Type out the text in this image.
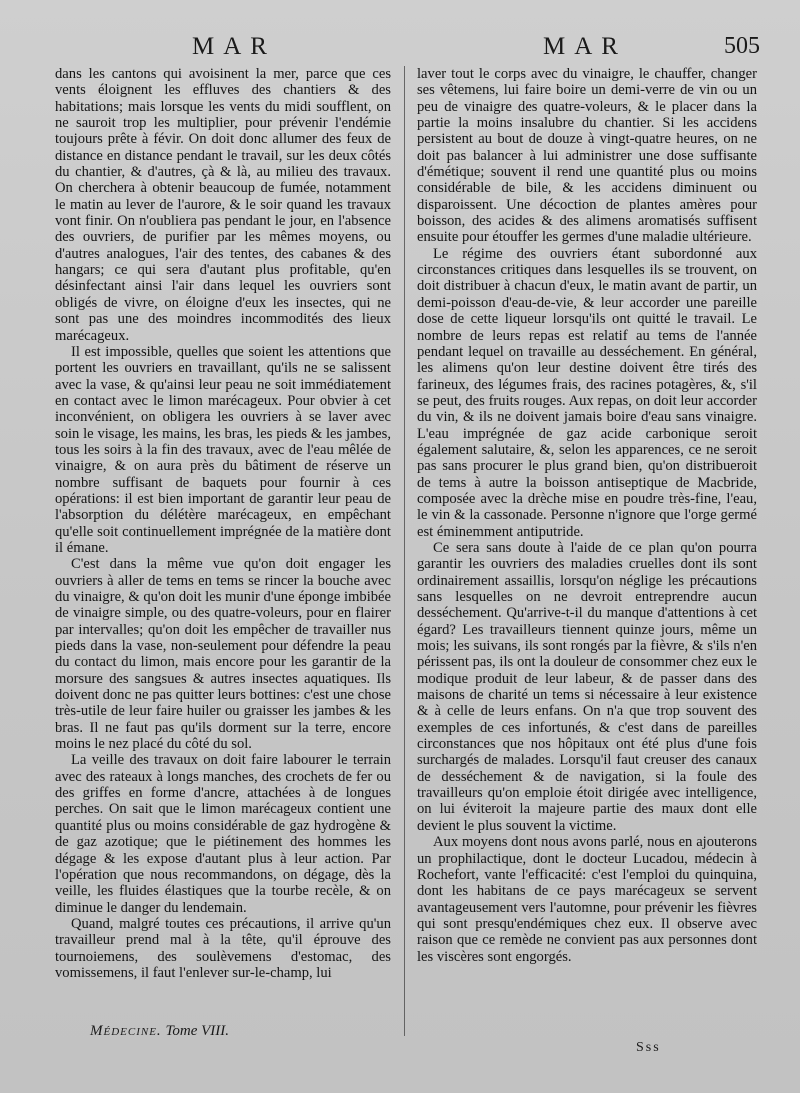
MAR	MAR	505

dans les cantons qui avoisinent la mer, parce que ces vents éloignent les effluves des chantiers & des habitations; mais lorsque les vents du midi soufflent, on ne sauroit trop les multiplier, pour prévenir l'endémie toujours prête à févir. On doit donc allumer des feux de distance en distance pendant le travail, sur les deux côtés du chantier, & d'autres, çà & là, au milieu des travaux. On cherchera à obtenir beaucoup de fumée, notamment le matin au lever de l'aurore, & le soir quand les travaux vont finir. On n'oubliera pas pendant le jour, en l'absence des ouvriers, de purifier par les mêmes moyens, ou d'autres analogues, l'air des tentes, des cabanes & des hangars; ce qui sera d'autant plus profitable, qu'en désinfectant ainsi l'air dans lequel les ouvriers sont obligés de vivre, on éloigne d'eux les insectes, qui ne sont pas une des moindres incommodités des lieux marécageux.

Il est impossible, quelles que soient les attentions que portent les ouvriers en travaillant, qu'ils ne se salissent avec la vase, & qu'ainsi leur peau ne soit immédiatement en contact avec le limon marécageux. Pour obvier à cet inconvénient, on obligera les ouvriers à se laver avec soin le visage, les mains, les bras, les pieds & les jambes, tous les soirs à la fin des travaux, avec de l'eau mêlée de vinaigre, & on aura près du bâtiment de réserve un nombre suffisant de baquets pour fournir à ces opérations: il est bien important de garantir leur peau de l'absorption du délétère marécageux, en empêchant qu'elle soit continuellement imprégnée de la matière dont il émane.

C'est dans la même vue qu'on doit engager les ouvriers à aller de tems en tems se rincer la bouche avec du vinaigre, & qu'on doit les munir d'une éponge imbibée de vinaigre simple, ou des quatre-voleurs, pour en flairer par intervalles; qu'on doit les empêcher de travailler nus pieds dans la vase, non-seulement pour défendre la peau du contact du limon, mais encore pour les garantir de la morsure des sangsues & autres insectes aquatiques. Ils doivent donc ne pas quitter leurs bottines: c'est une chose très-utile de leur faire huiler ou graisser les jambes & les bras. Il ne faut pas qu'ils dorment sur la terre, encore moins le nez placé du côté du sol.

La veille des travaux on doit faire labourer le terrain avec des rateaux à longs manches, des crochets de fer ou des griffes en forme d'ancre, attachées à de longues perches. On sait que le limon marécageux contient une quantité plus ou moins considérable de gaz hydrogène & de gaz azotique; que le piétinement des hommes les dégage & les expose d'autant plus à leur action. Par l'opération que nous recommandons, on dégage, dès la veille, les fluides élastiques que la tourbe recèle, & on diminue le danger du lendemain.

Quand, malgré toutes ces précautions, il arrive qu'un travailleur prend mal à la tête, qu'il éprouve des tournoiemens, des soulèvemens d'estomac, des vomissemens, il faut l'enlever sur-le-champ, lui

laver tout le corps avec du vinaigre, le chauffer, changer ses vêtemens, lui faire boire un demi-verre de vin ou un peu de vinaigre des quatre-voleurs, & le placer dans la partie la moins insalubre du chantier. Si les accidens persistent au bout de douze à vingt-quatre heures, on ne doit pas balancer à lui administrer une dose suffisante d'émétique; souvent il rend une quantité plus ou moins considérable de bile, & les accidens diminuent ou disparoissent. Une décoction de plantes amères pour boisson, des acides & des alimens aromatisés suffisent ensuite pour étouffer les germes d'une maladie ultérieure.

Le régime des ouvriers étant subordonné aux circonstances critiques dans lesquelles ils se trouvent, on doit distribuer à chacun d'eux, le matin avant de partir, un demi-poisson d'eau-de-vie, & leur accorder une pareille dose de cette liqueur lorsqu'ils ont quitté le travail. Le nombre de leurs repas est relatif au tems de l'année pendant lequel on travaille au desséchement. En général, les alimens qu'on leur destine doivent être tirés des farineux, des légumes frais, des racines potagères, &, s'il se peut, des fruits rouges. Aux repas, on doit leur accorder du vin, & ils ne doivent jamais boire d'eau sans vinaigre. L'eau imprégnée de gaz acide carbonique seroit également salutaire, &, selon les apparences, ce ne seroit pas sans procurer le plus grand bien, qu'on distribueroit de tems à autre la boisson antiseptique de Macbride, composée avec la drèche mise en poudre très-fine, l'eau, le vin & la cassonade. Personne n'ignore que l'orge germé est éminemment antiputride.

Ce sera sans doute à l'aide de ce plan qu'on pourra garantir les ouvriers des maladies cruelles dont ils sont ordinairement assaillis, lorsqu'on néglige les précautions sans lesquelles on ne devroit entreprendre aucun desséchement. Qu'arrive-t-il du manque d'attentions à cet égard? Les travailleurs tiennent quinze jours, même un mois; les suivans, ils sont rongés par la fièvre, & s'ils n'en périssent pas, ils ont la douleur de consommer chez eux le modique produit de leur labeur, & de passer dans des maisons de charité un tems si nécessaire à leur existence & à celle de leurs enfans. On n'a que trop souvent des exemples de ces infortunés, & c'est dans de pareilles circonstances que nos hôpitaux ont été plus d'une fois surchargés de malades. Lorsqu'il faut creuser des canaux de desséchement & de navigation, si la foule des travailleurs qu'on emploie étoit dirigée avec intelligence, on lui éviteroit la majeure partie des maux dont elle devient le plus souvent la victime.

Aux moyens dont nous avons parlé, nous en ajouterons un prophilactique, dont le docteur Lucadou, médecin à Rochefort, vante l'efficacité: c'est l'emploi du quinquina, dont les habitans de ce pays marécageux se servent avantageusement vers l'automne, pour prévenir les fièvres qui sont presqu'endémiques chez eux. Il observe avec raison que ce remède ne convient pas aux personnes dont les viscères sont engorgés.

Médecine. Tome VIII.
Sss
